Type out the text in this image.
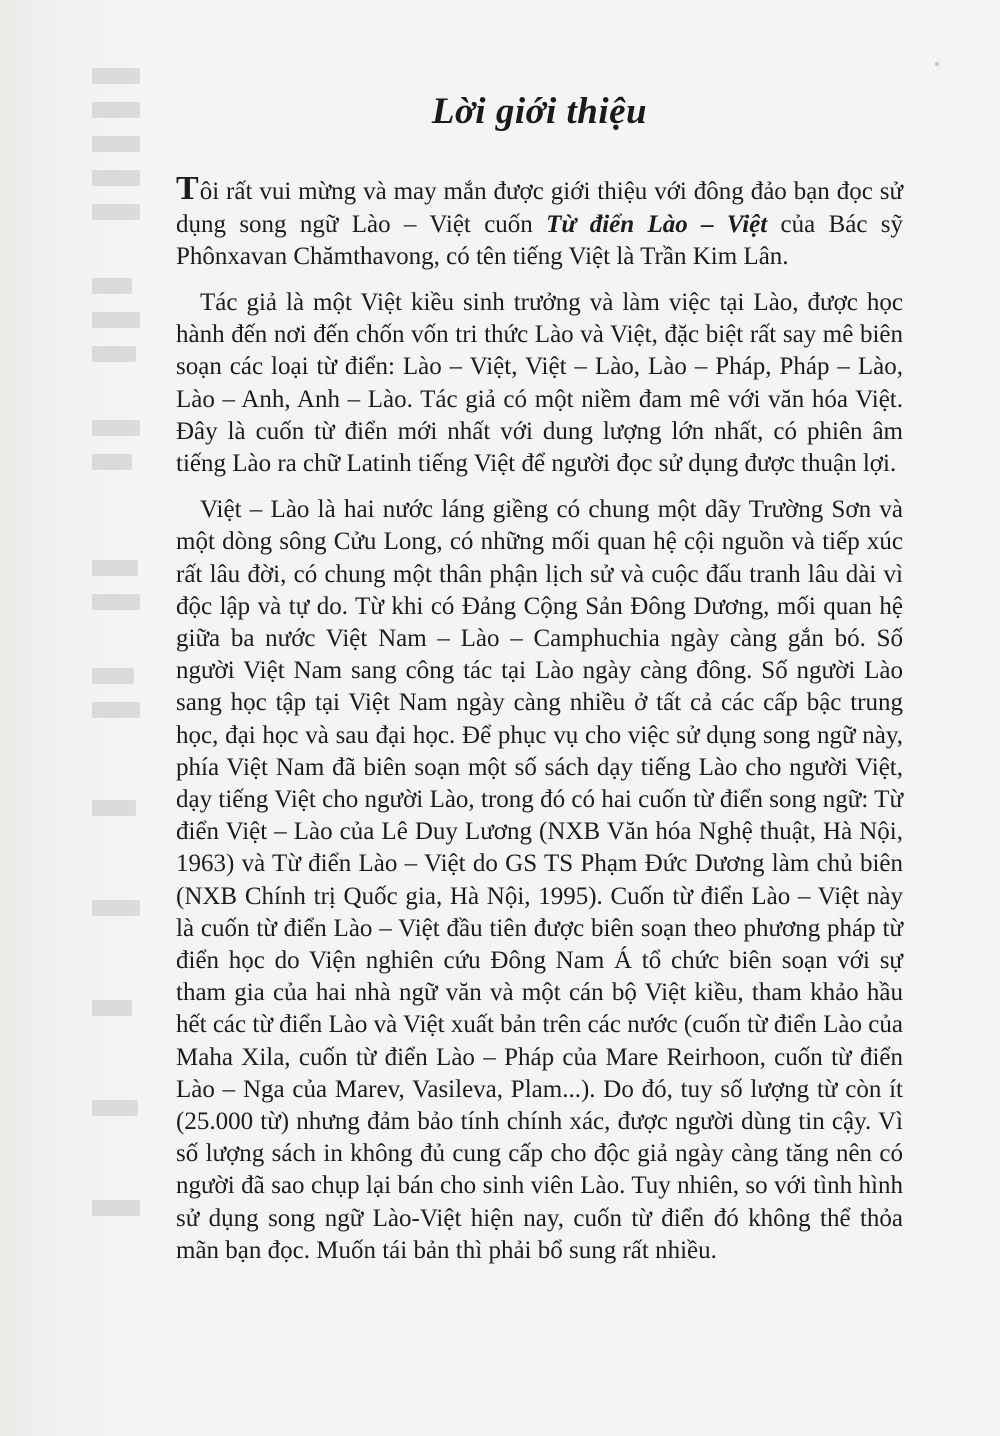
Lời giới thiệu

Tôi rất vui mừng và may mắn được giới thiệu với đông đảo bạn đọc sử dụng song ngữ Lào – Việt cuốn Từ điển Lào – Việt của Bác sỹ Phônxavan Chămthavong, có tên tiếng Việt là Trần Kim Lân.

Tác giả là một Việt kiều sinh trưởng và làm việc tại Lào, được học hành đến nơi đến chốn vốn tri thức Lào và Việt, đặc biệt rất say mê biên soạn các loại từ điển: Lào – Việt, Việt – Lào, Lào – Pháp, Pháp – Lào, Lào – Anh, Anh – Lào. Tác giả có một niềm đam mê với văn hóa Việt. Đây là cuốn từ điển mới nhất với dung lượng lớn nhất, có phiên âm tiếng Lào ra chữ Latinh tiếng Việt để người đọc sử dụng được thuận lợi.

Việt – Lào là hai nước láng giềng có chung một dãy Trường Sơn và một dòng sông Cửu Long, có những mối quan hệ cội nguồn và tiếp xúc rất lâu đời, có chung một thân phận lịch sử và cuộc đấu tranh lâu dài vì độc lập và tự do. Từ khi có Đảng Cộng Sản Đông Dương, mối quan hệ giữa ba nước Việt Nam – Lào – Camphuchia ngày càng gắn bó. Số người Việt Nam sang công tác tại Lào ngày càng đông. Số người Lào sang học tập tại Việt Nam ngày càng nhiều ở tất cả các cấp bậc trung học, đại học và sau đại học. Để phục vụ cho việc sử dụng song ngữ này, phía Việt Nam đã biên soạn một số sách dạy tiếng Lào cho người Việt, dạy tiếng Việt cho người Lào, trong đó có hai cuốn từ điển song ngữ: Từ điển Việt – Lào của Lê Duy Lương (NXB Văn hóa Nghệ thuật, Hà Nội, 1963) và Từ điển Lào – Việt do GS TS Phạm Đức Dương làm chủ biên (NXB Chính trị Quốc gia, Hà Nội, 1995). Cuốn từ điển Lào – Việt này là cuốn từ điển Lào – Việt đầu tiên được biên soạn theo phương pháp từ điển học do Viện nghiên cứu Đông Nam Á tổ chức biên soạn với sự tham gia của hai nhà ngữ văn và một cán bộ Việt kiều, tham khảo hầu hết các từ điển Lào và Việt xuất bản trên các nước (cuốn từ điển Lào của Maha Xila, cuốn từ điển Lào – Pháp của Mare Reirhoon, cuốn từ điển Lào – Nga của Marev, Vasileva, Plam...). Do đó, tuy số lượng từ còn ít (25.000 từ) nhưng đảm bảo tính chính xác, được người dùng tin cậy. Vì số lượng sách in không đủ cung cấp cho độc giả ngày càng tăng nên có người đã sao chụp lại bán cho sinh viên Lào. Tuy nhiên, so với tình hình sử dụng song ngữ Lào-Việt hiện nay, cuốn từ điển đó không thể thỏa mãn bạn đọc. Muốn tái bản thì phải bổ sung rất nhiều.
